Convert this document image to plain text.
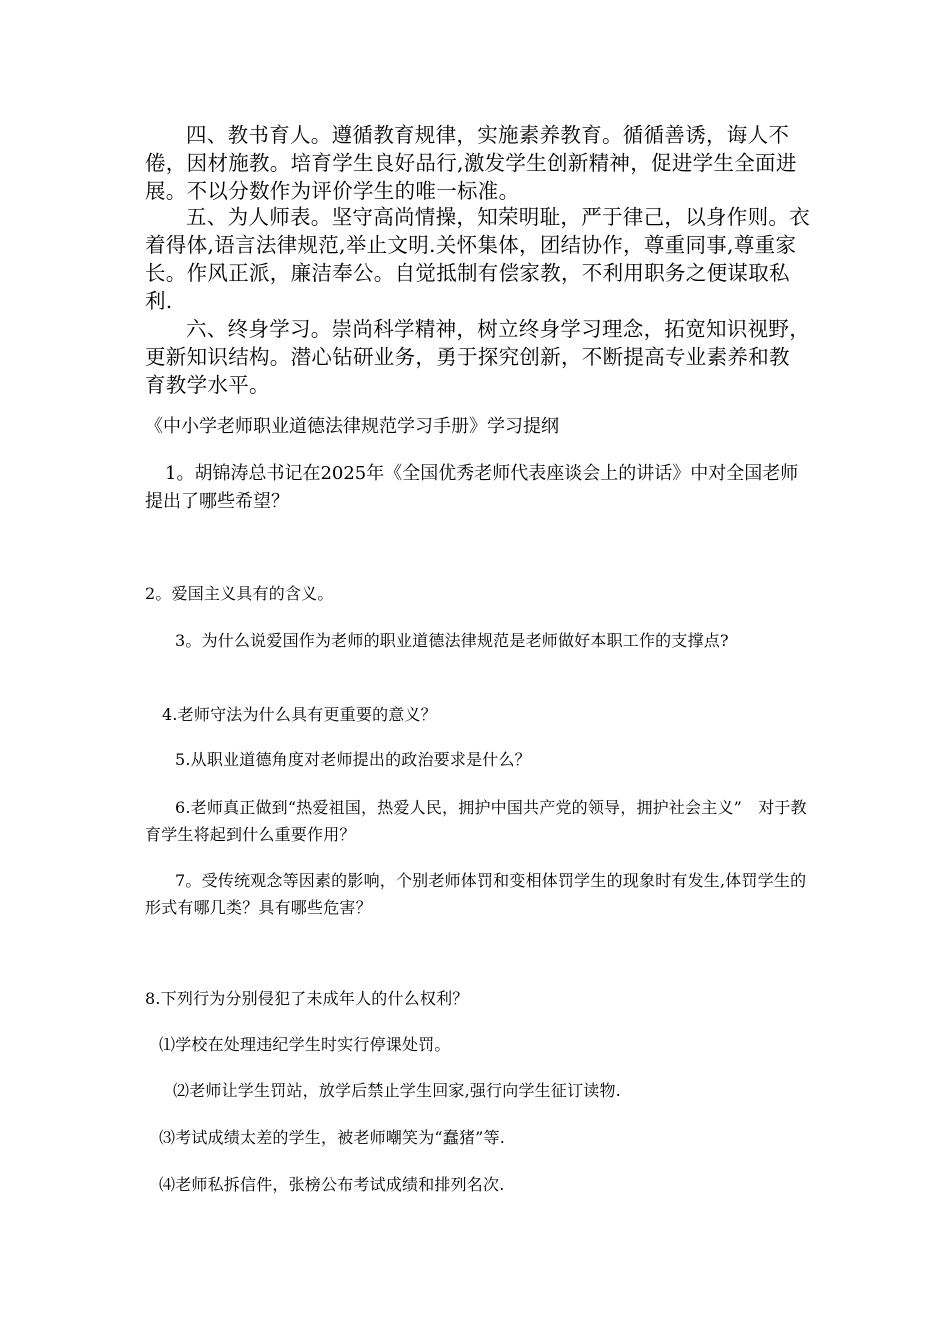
四、教书育人。遵循教育规律，实施素养教育。循循善诱，诲人不倦，因材施教。培育学生良好品行,激发学生创新精神，促进学生全面进展。不以分数作为评价学生的唯一标准。

五、为人师表。坚守高尚情操，知荣明耻，严于律己，以身作则。衣着得体,语言法律规范,举止文明.关怀集体，团结协作，尊重同事,尊重家长。作风正派，廉洁奉公。自觉抵制有偿家教，不利用职务之便谋取私利.

六、终身学习。崇尚科学精神，树立终身学习理念，拓宽知识视野，更新知识结构。潜心钻研业务，勇于探究创新，不断提高专业素养和教育教学水平。

《中小学老师职业道德法律规范学习手册》学习提纲

1。胡锦涛总书记在2025年《全国优秀老师代表座谈会上的讲话》中对全国老师提出了哪些希望？

2。爱国主义具有的含义。

3。为什么说爱国作为老师的职业道德法律规范是老师做好本职工作的支撑点?

4.老师守法为什么具有更重要的意义？

5.从职业道德角度对老师提出的政治要求是什么？

6.老师真正做到“热爱祖国，热爱人民，拥护中国共产党的领导，拥护社会主义”　对于教育学生将起到什么重要作用？

7。受传统观念等因素的影响，个别老师体罚和变相体罚学生的现象时有发生,体罚学生的形式有哪几类？具有哪些危害？

8.下列行为分别侵犯了未成年人的什么权利？

⑴学校在处理违纪学生时实行停课处罚。

⑵老师让学生罚站，放学后禁止学生回家,强行向学生征订读物.

⑶考试成绩太差的学生，被老师嘲笑为“蠢猪”等.

⑷老师私拆信件，张榜公布考试成绩和排列名次.
